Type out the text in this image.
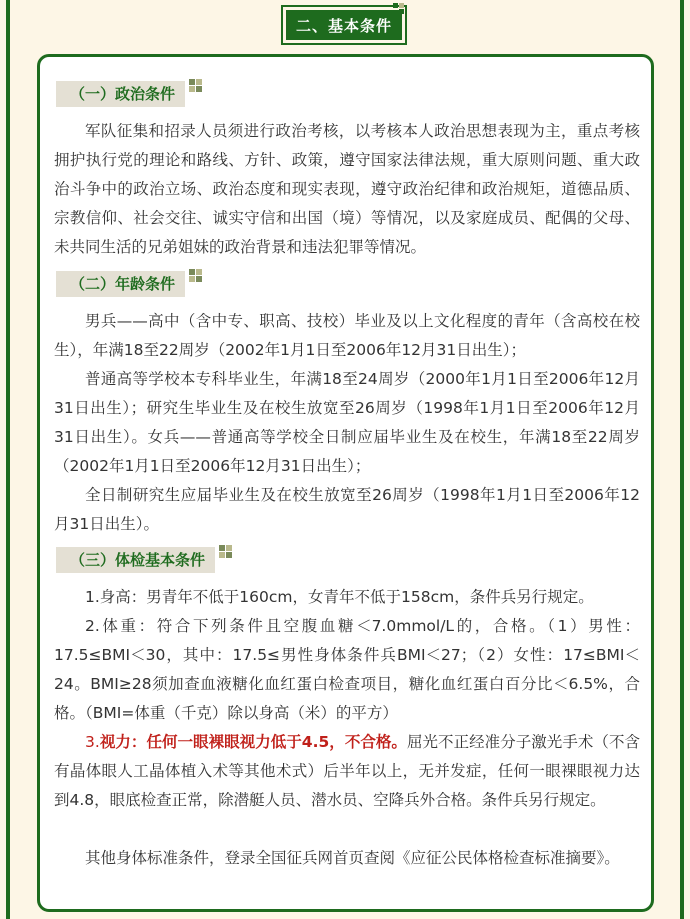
二、基本条件
（一）政治条件

军队征集和招录人员须进行政治考核，以考核本人政治思想表现为主，重点考核拥护执行党的理论和路线、方针、政策，遵守国家法律法规，重大原则问题、重大政治斗争中的政治立场、政治态度和现实表现，遵守政治纪律和政治规矩，道德品质、宗教信仰、社会交往、诚实守信和出国（境）等情况，以及家庭成员、配偶的父母、未共同生活的兄弟姐妹的政治背景和违法犯罪等情况。

（二）年龄条件

男兵——高中（含中专、职高、技校）毕业及以上文化程度的青年（含高校在校生），年满18至22周岁（2002年1月1日至2006年12月31日出生）；

普通高等学校本专科毕业生，年满18至24周岁（2000年1月1日至2006年12月31日出生）；研究生毕业生及在校生放宽至26周岁（1998年1月1日至2006年12月31日出生）。女兵——普通高等学校全日制应届毕业生及在校生，年满18至22周岁（2002年1月1日至2006年12月31日出生）；

全日制研究生应届毕业生及在校生放宽至26周岁（1998年1月1日至2006年12月31日出生）。

（三）体检基本条件

1.身高：男青年不低于160cm，女青年不低于158cm，条件兵另行规定。

2.体重：符合下列条件且空腹血糖＜7.0mmol/L的，合格。（1）男性：17.5≤BMI＜30，其中：17.5≤男性身体条件兵BMI＜27；（2）女性：17≤BMI＜24。BMI≥28须加查血液糖化血红蛋白检查项目，糖化血红蛋白百分比＜6.5%，合格。（BMI=体重（千克）除以身高（米）的平方）

3.视力：任何一眼裸眼视力低于4.5，不合格。屈光不正经准分子激光手术（不含有晶体眼人工晶体植入术等其他术式）后半年以上，无并发症，任何一眼裸眼视力达到4.8，眼底检查正常，除潜艇人员、潜水员、空降兵外合格。条件兵另行规定。

其他身体标准条件，登录全国征兵网首页查阅《应征公民体格检查标准摘要》。
